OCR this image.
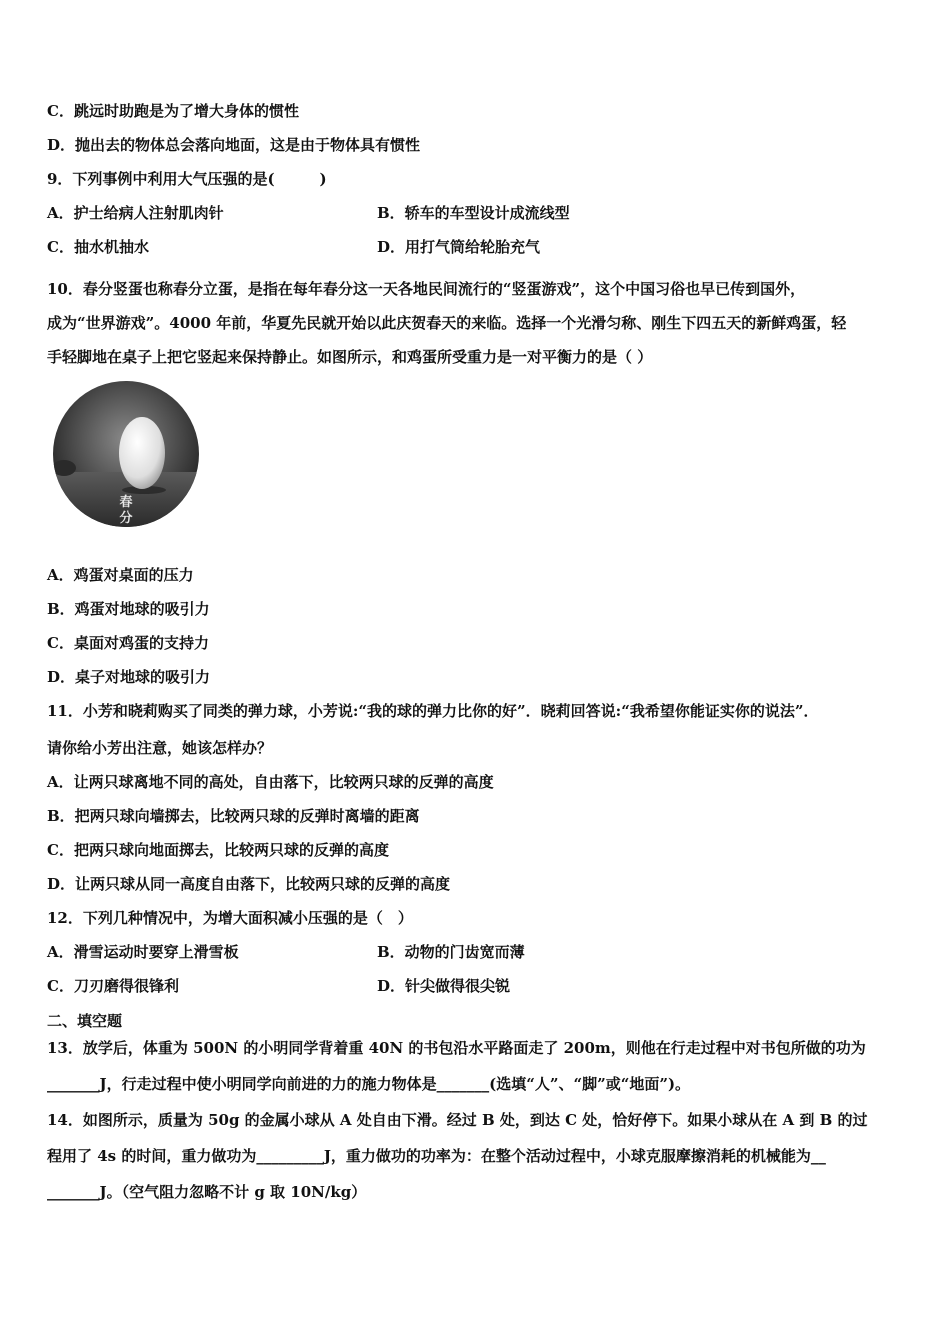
C．跳远时助跑是为了增大身体的惯性
D．抛出去的物体总会落向地面，这是由于物体具有惯性
9．下列事例中利用大气压强的是(　　　)
A．护士给病人注射肌肉针	B．轿车的车型设计成流线型
C．抽水机抽水	D．用打气筒给轮胎充气
10．春分竖蛋也称春分立蛋，是指在每年春分这一天各地民间流行的“竖蛋游戏”，这个中国习俗也早已传到国外，
成为“世界游戏”。4000 年前，华夏先民就开始以此庆贺春天的来临。选择一个光滑匀称、刚生下四五天的新鲜鸡蛋，轻
手轻脚地在桌子上把它竖起来保持静止。如图所示，和鸡蛋所受重力是一对平衡力的是（ ）
春
分
A．鸡蛋对桌面的压力
B．鸡蛋对地球的吸引力
C．桌面对鸡蛋的支持力
D．桌子对地球的吸引力
11．小芳和晓莉购买了同类的弹力球，小芳说:“我的球的弹力比你的好”．晓莉回答说:“我希望你能证实你的说法”．
请你给小芳出注意，她该怎样办？
A．让两只球离地不同的高处，自由落下，比较两只球的反弹的高度
B．把两只球向墙掷去，比较两只球的反弹时离墙的距离
C．把两只球向地面掷去，比较两只球的反弹的高度
D．让两只球从同一高度自由落下，比较两只球的反弹的高度
12．下列几种情况中，为增大面积减小压强的是（　）
A．滑雪运动时要穿上滑雪板	B．动物的门齿宽而薄
C．刀刃磨得很锋利	D．针尖做得很尖锐
二、填空题
13．放学后，体重为 500N 的小明同学背着重 40N 的书包沿水平路面走了 200m，则他在行走过程中对书包所做的功为
_______J，行走过程中使小明同学向前进的力的施力物体是_______(选填“人”、“脚”或“地面”)。
14．如图所示，质量为 50g 的金属小球从 A 处自由下滑。经过 B 处，到达 C 处，恰好停下。如果小球从在 A 到 B 的过
程用了 4s 的时间，重力做功为_________J，重力做功的功率为：在整个活动过程中，小球克服摩擦消耗的机械能为__
_______J。（空气阻力忽略不计 g 取 10N/kg）
